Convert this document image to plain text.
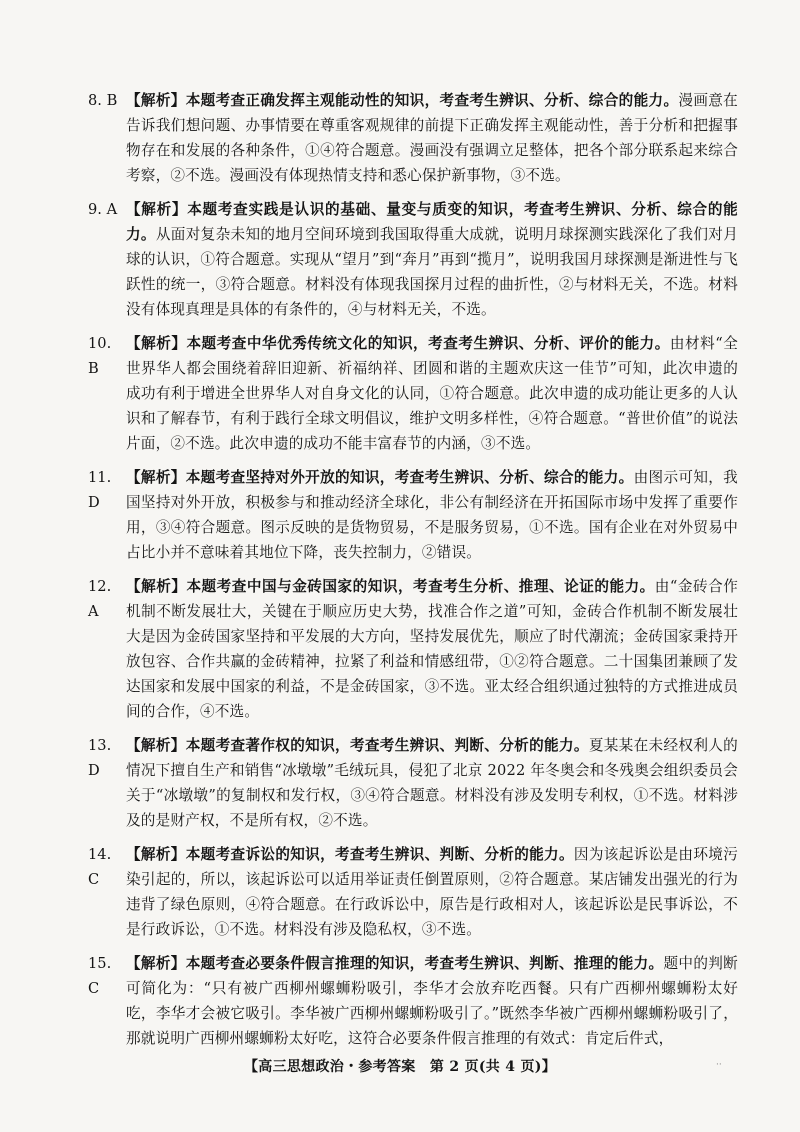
8. B 【解析】本题考查正确发挥主观能动性的知识，考查考生辨识、分析、综合的能力。漫画意在告诉我们想问题、办事情要在尊重客观规律的前提下正确发挥主观能动性，善于分析和把握事物存在和发展的各种条件，①④符合题意。漫画没有强调立足整体，把各个部分联系起来综合考察，②不选。漫画没有体现热情支持和悉心保护新事物，③不选。
9. A 【解析】本题考查实践是认识的基础、量变与质变的知识，考查考生辨识、分析、综合的能力。从面对复杂未知的地月空间环境到我国取得重大成就，说明月球探测实践深化了我们对月球的认识，①符合题意。实现从“望月”到“奔月”再到“揽月”，说明我国月球探测是渐进性与飞跃性的统一，③符合题意。材料没有体现我国探月过程的曲折性，②与材料无关，不选。材料没有体现真理是具体的有条件的，④与材料无关，不选。
10. B
【解析】本题考查中华优秀传统文化的知识，考查考生辨识、分析、评价的能力。由材料“全世界华人都会围绕着辞旧迎新、祈福纳祥、团圆和谐的主题欢庆这一佳节”可知，此次申遗的成功有利于增进全世界华人对自身文化的认同，①符合题意。此次申遗的成功能让更多的人认识和了解春节，有利于践行全球文明倡议，维护文明多样性，④符合题意。“普世价值”的说法片面，②不选。此次申遗的成功不能丰富春节的内涵，③不选。
11. D
【解析】本题考查坚持对外开放的知识，考查考生辨识、分析、综合的能力。由图示可知，我国坚持对外开放，积极参与和推动经济全球化，非公有制经济在开拓国际市场中发挥了重要作用，③④符合题意。图示反映的是货物贸易，不是服务贸易，①不选。国有企业在对外贸易中占比小并不意味着其地位下降，丧失控制力，②错误。
12. A
【解析】本题考查中国与金砖国家的知识，考查考生分析、推理、论证的能力。由“金砖合作机制不断发展壮大，关键在于顺应历史大势，找准合作之道”可知，金砖合作机制不断发展壮大是因为金砖国家坚持和平发展的大方向，坚持发展优先，顺应了时代潮流；金砖国家秉持开放包容、合作共赢的金砖精神，拉紧了利益和情感纽带，①②符合题意。二十国集团兼顾了发达国家和发展中国家的利益，不是金砖国家，③不选。亚太经合组织通过独特的方式推进成员间的合作，④不选。
13. D
【解析】本题考查著作权的知识，考查考生辨识、判断、分析的能力。夏某某在未经权利人的情况下擅自生产和销售“冰墩墩”毛绒玩具，侵犯了北京 2022 年冬奥会和冬残奥会组织委员会关于“冰墩墩”的复制权和发行权，③④符合题意。材料没有涉及发明专利权，①不选。材料涉及的是财产权，不是所有权，②不选。
14. C
【解析】本题考查诉讼的知识，考查考生辨识、判断、分析的能力。因为该起诉讼是由环境污染引起的，所以，该起诉讼可以适用举证责任倒置原则，②符合题意。某店铺发出强光的行为违背了绿色原则，④符合题意。在行政诉讼中，原告是行政相对人，该起诉讼是民事诉讼，不是行政诉讼，①不选。材料没有涉及隐私权，③不选。
15. C
【解析】本题考查必要条件假言推理的知识，考查考生辨识、判断、推理的能力。题中的判断可简化为：“只有被广西柳州螺蛳粉吸引，李华才会放弃吃西餐。只有广西柳州螺蛳粉太好吃，李华才会被它吸引。李华被广西柳州螺蛳粉吸引了。”既然李华被广西柳州螺蛳粉吸引了，那就说明广西柳州螺蛳粉太好吃，这符合必要条件假言推理的有效式：肯定后件式，
【高三思想政治・参考答案　第 2 页(共 4 页)】	··
